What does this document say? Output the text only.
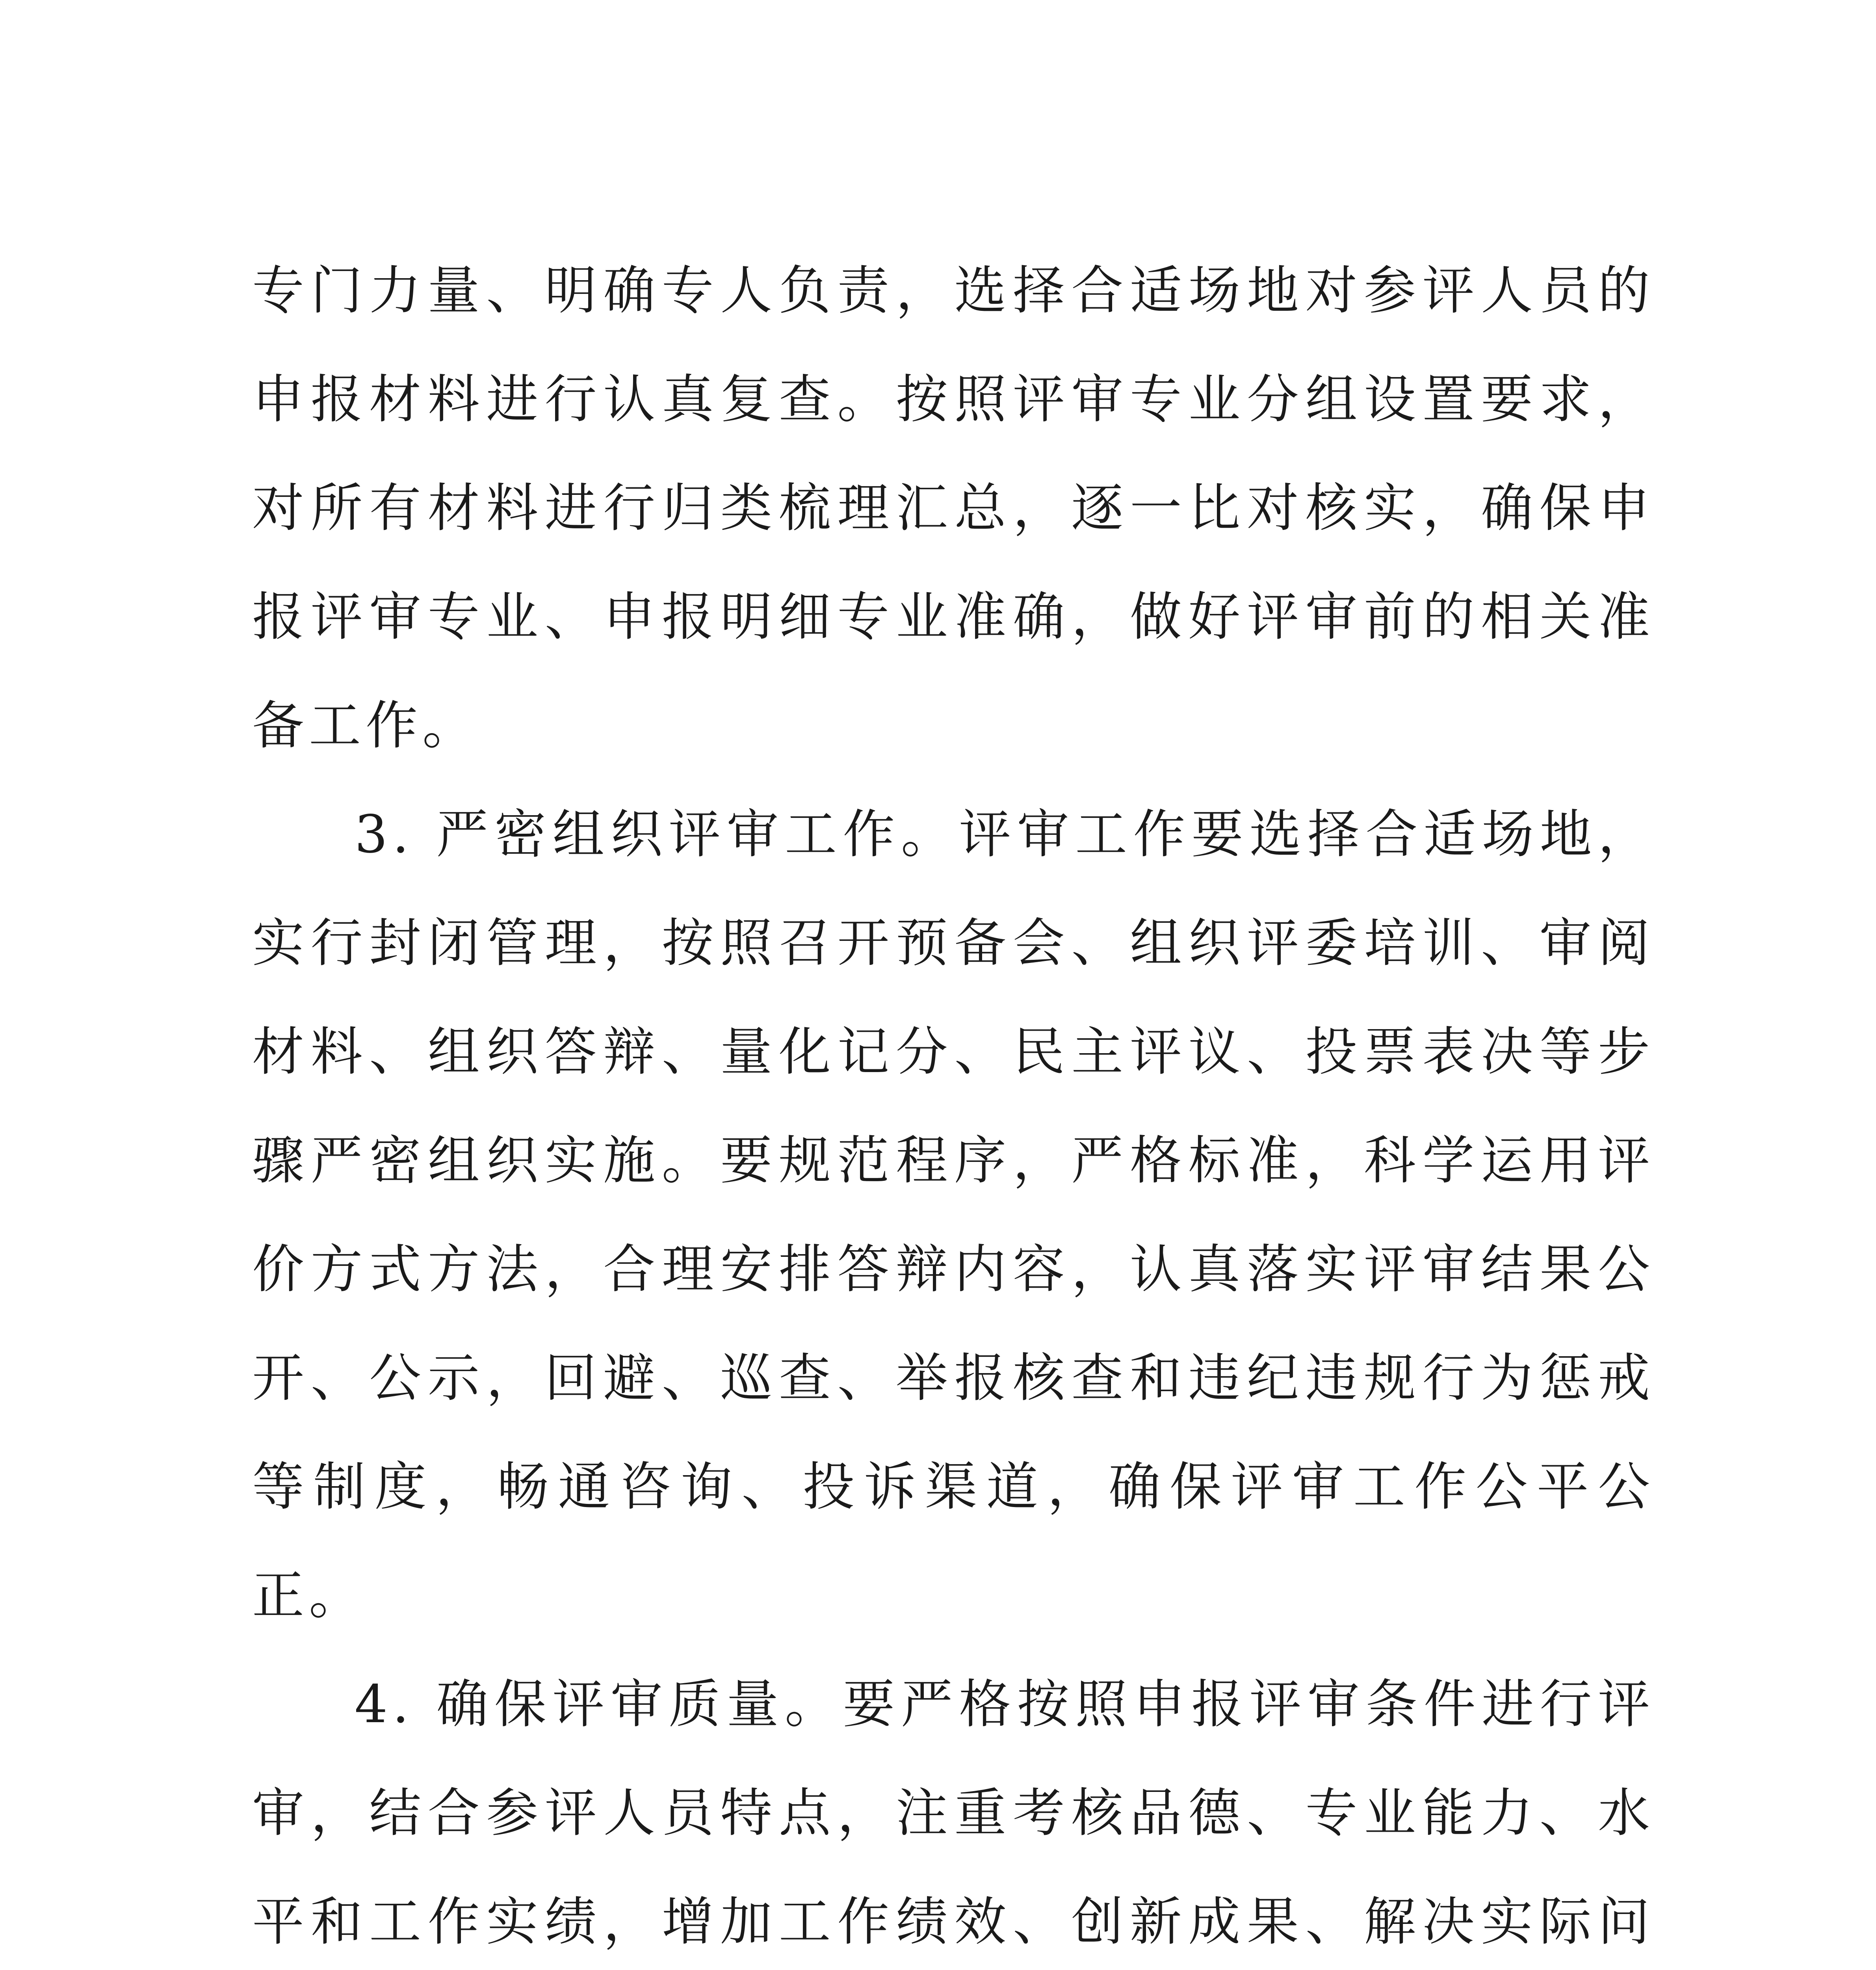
专门力量、明确专人负责，选择合适场地对参评人员的申报材料进行认真复查。按照评审专业分组设置要求，对所有材料进行归类梳理汇总，逐一比对核实，确保申报评审专业、申报明细专业准确，做好评审前的相关准备工作。

3. 严密组织评审工作。评审工作要选择合适场地，实行封闭管理，按照召开预备会、组织评委培训、审阅材料、组织答辩、量化记分、民主评议、投票表决等步骤严密组织实施。要规范程序，严格标准，科学运用评价方式方法，合理安排答辩内容，认真落实评审结果公开、公示，回避、巡查、举报核查和违纪违规行为惩戒等制度，畅通咨询、投诉渠道，确保评审工作公平公正。

4. 确保评审质量。要严格按照申报评审条件进行评审，结合参评人员特点，注重考核品德、专业能力、水平和工作实绩，增加工作绩效、创新成果、解决实际问
